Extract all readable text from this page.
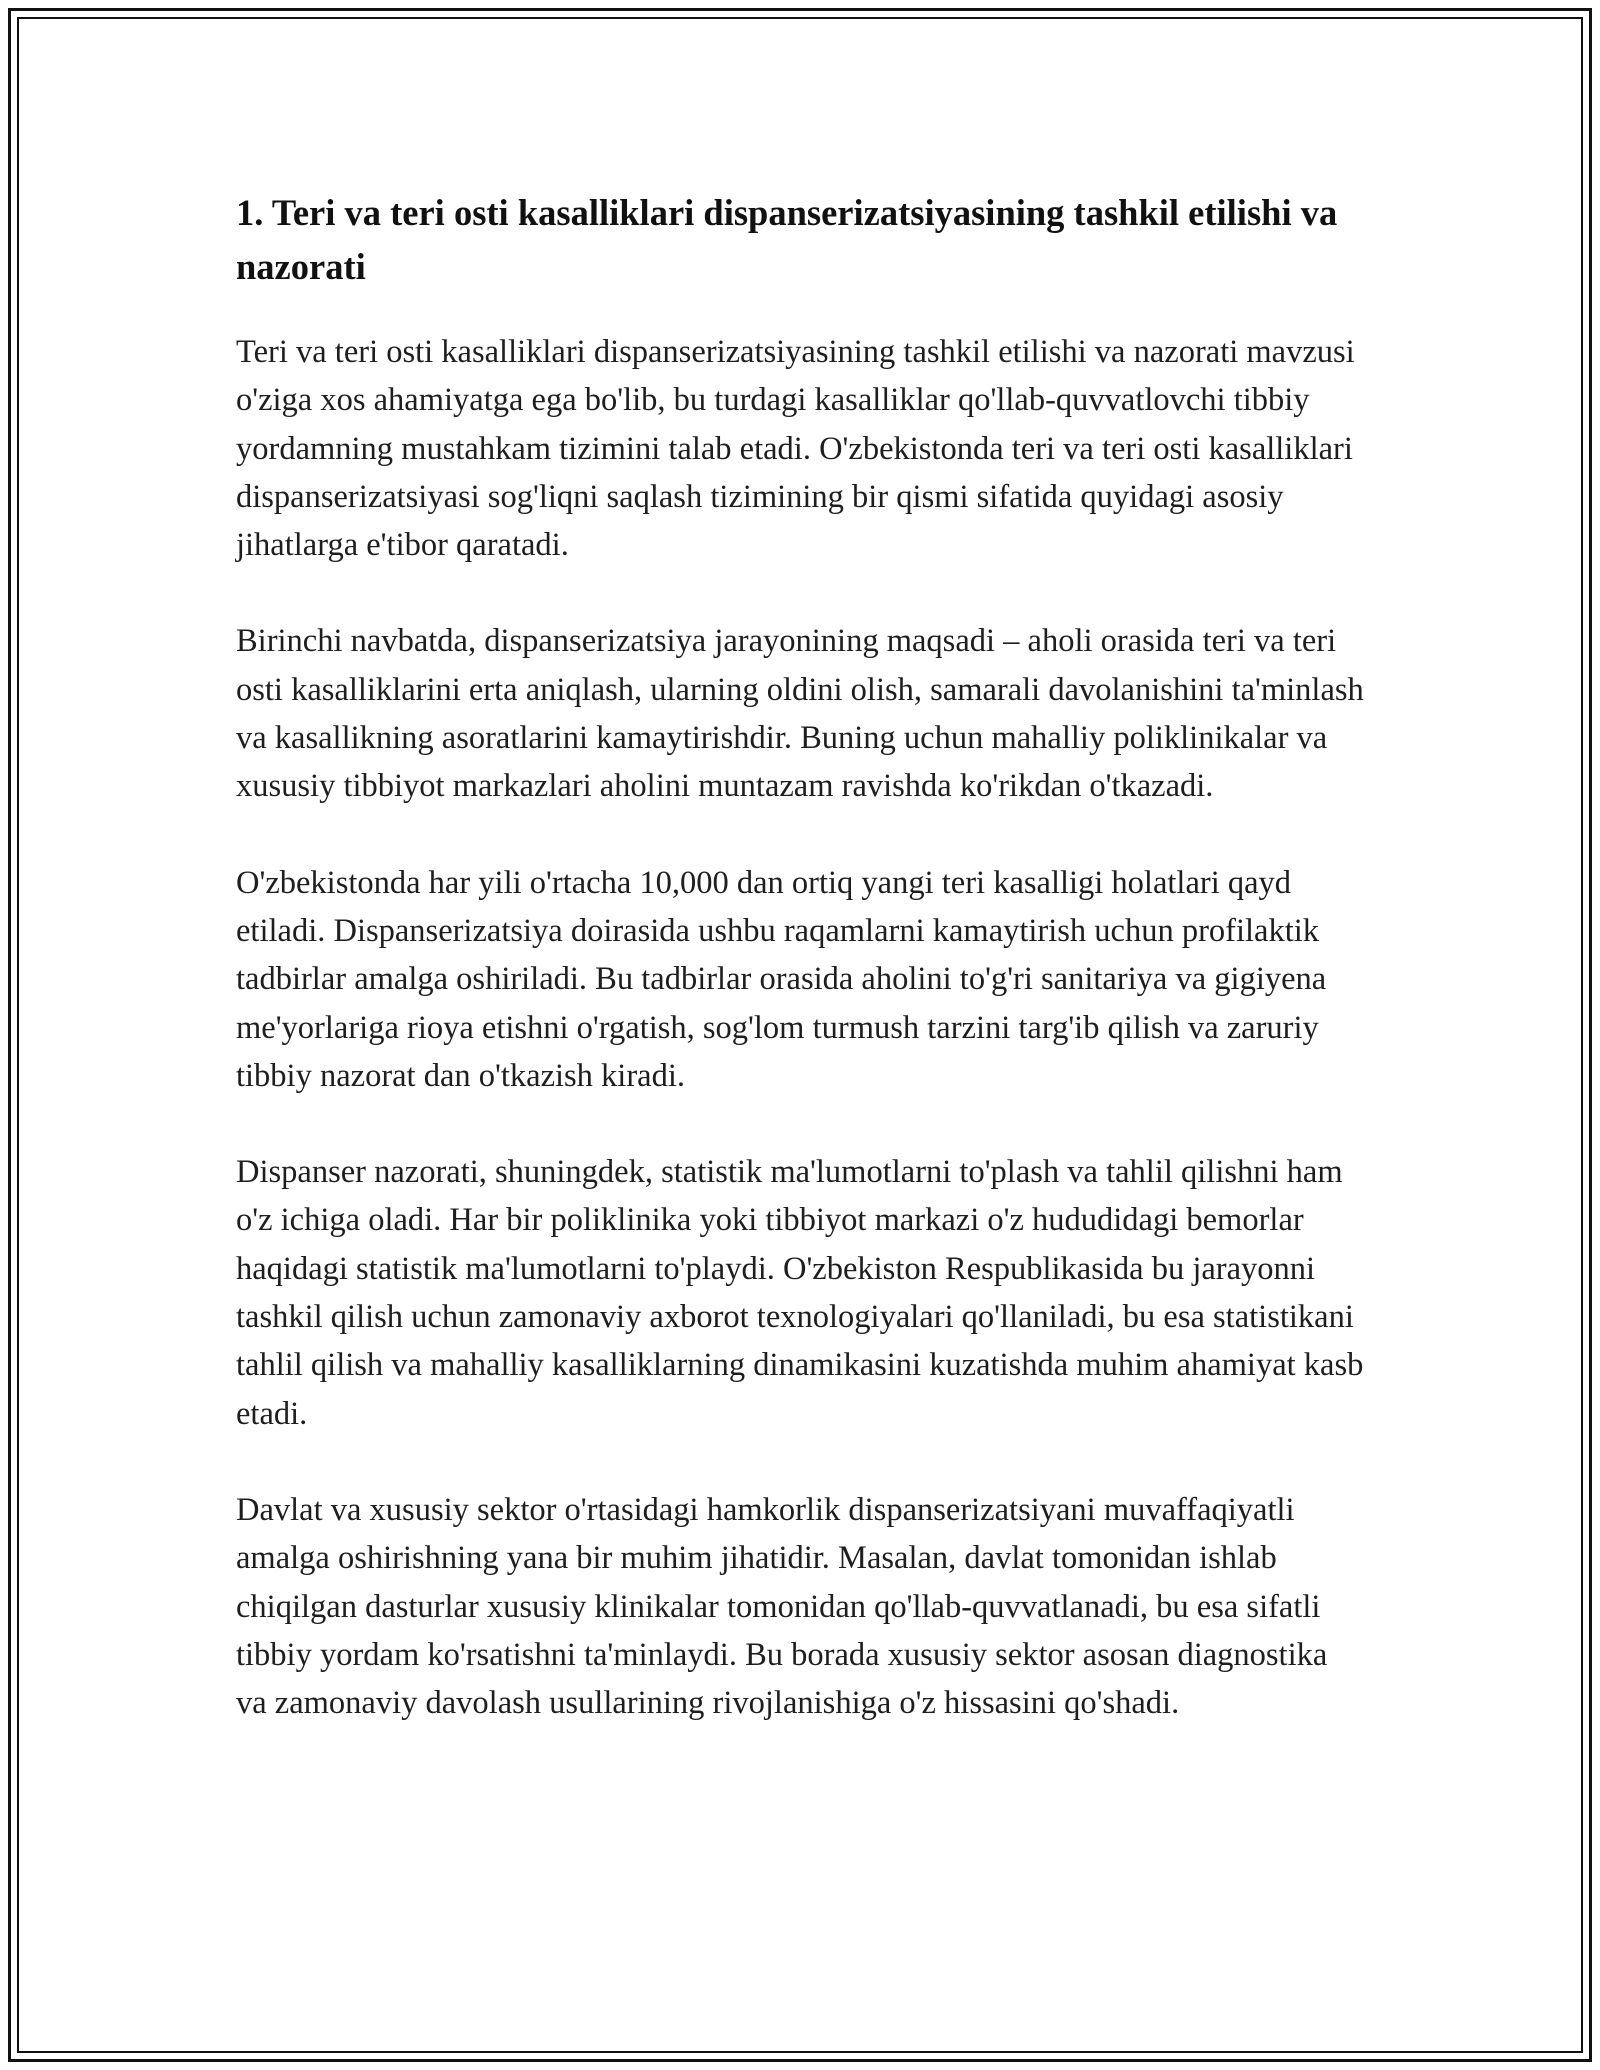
1. Teri va teri osti kasalliklari dispanserizatsiyasining tashkil etilishi va nazorati

Teri va teri osti kasalliklari dispanserizatsiyasining tashkil etilishi va nazorati mavzusi o'ziga xos ahamiyatga ega bo'lib, bu turdagi kasalliklar qo'llab-quvvatlovchi tibbiy yordamning mustahkam tizimini talab etadi. O'zbekistonda teri va teri osti kasalliklari dispanserizatsiyasi sog'liqni saqlash tizimining bir qismi sifatida quyidagi asosiy jihatlarga e'tibor qaratadi.

Birinchi navbatda, dispanserizatsiya jarayonining maqsadi – aholi orasida teri va teri osti kasalliklarini erta aniqlash, ularning oldini olish, samarali davolanishini ta'minlash va kasallikning asoratlarini kamaytirishdir. Buning uchun mahalliy poliklinikalar va xususiy tibbiyot markazlari aholini muntazam ravishda ko'rikdan o'tkazadi.

O'zbekistonda har yili o'rtacha 10,000 dan ortiq yangi teri kasalligi holatlari qayd etiladi. Dispanserizatsiya doirasida ushbu raqamlarni kamaytirish uchun profilaktik tadbirlar amalga oshiriladi. Bu tadbirlar orasida aholini to'g'ri sanitariya va gigiyena me'yorlariga rioya etishni o'rgatish, sog'lom turmush tarzini targ'ib qilish va zaruriy tibbiy nazorat dan o'tkazish kiradi.

Dispanser nazorati, shuningdek, statistik ma'lumotlarni to'plash va tahlil qilishni ham o'z ichiga oladi. Har bir poliklinika yoki tibbiyot markazi o'z hududidagi bemorlar haqidagi statistik ma'lumotlarni to'playdi. O'zbekiston Respublikasida bu jarayonni tashkil qilish uchun zamonaviy axborot texnologiyalari qo'llaniladi, bu esa statistikani tahlil qilish va mahalliy kasalliklarning dinamikasini kuzatishda muhim ahamiyat kasb etadi.

Davlat va xususiy sektor o'rtasidagi hamkorlik dispanserizatsiyani muvaffaqiyatli amalga oshirishning yana bir muhim jihatidir. Masalan, davlat tomonidan ishlab chiqilgan dasturlar xususiy klinikalar tomonidan qo'llab-quvvatlanadi, bu esa sifatli tibbiy yordam ko'rsatishni ta'minlaydi. Bu borada xususiy sektor asosan diagnostika va zamonaviy davolash usullarining rivojlanishiga o'z hissasini qo'shadi.
